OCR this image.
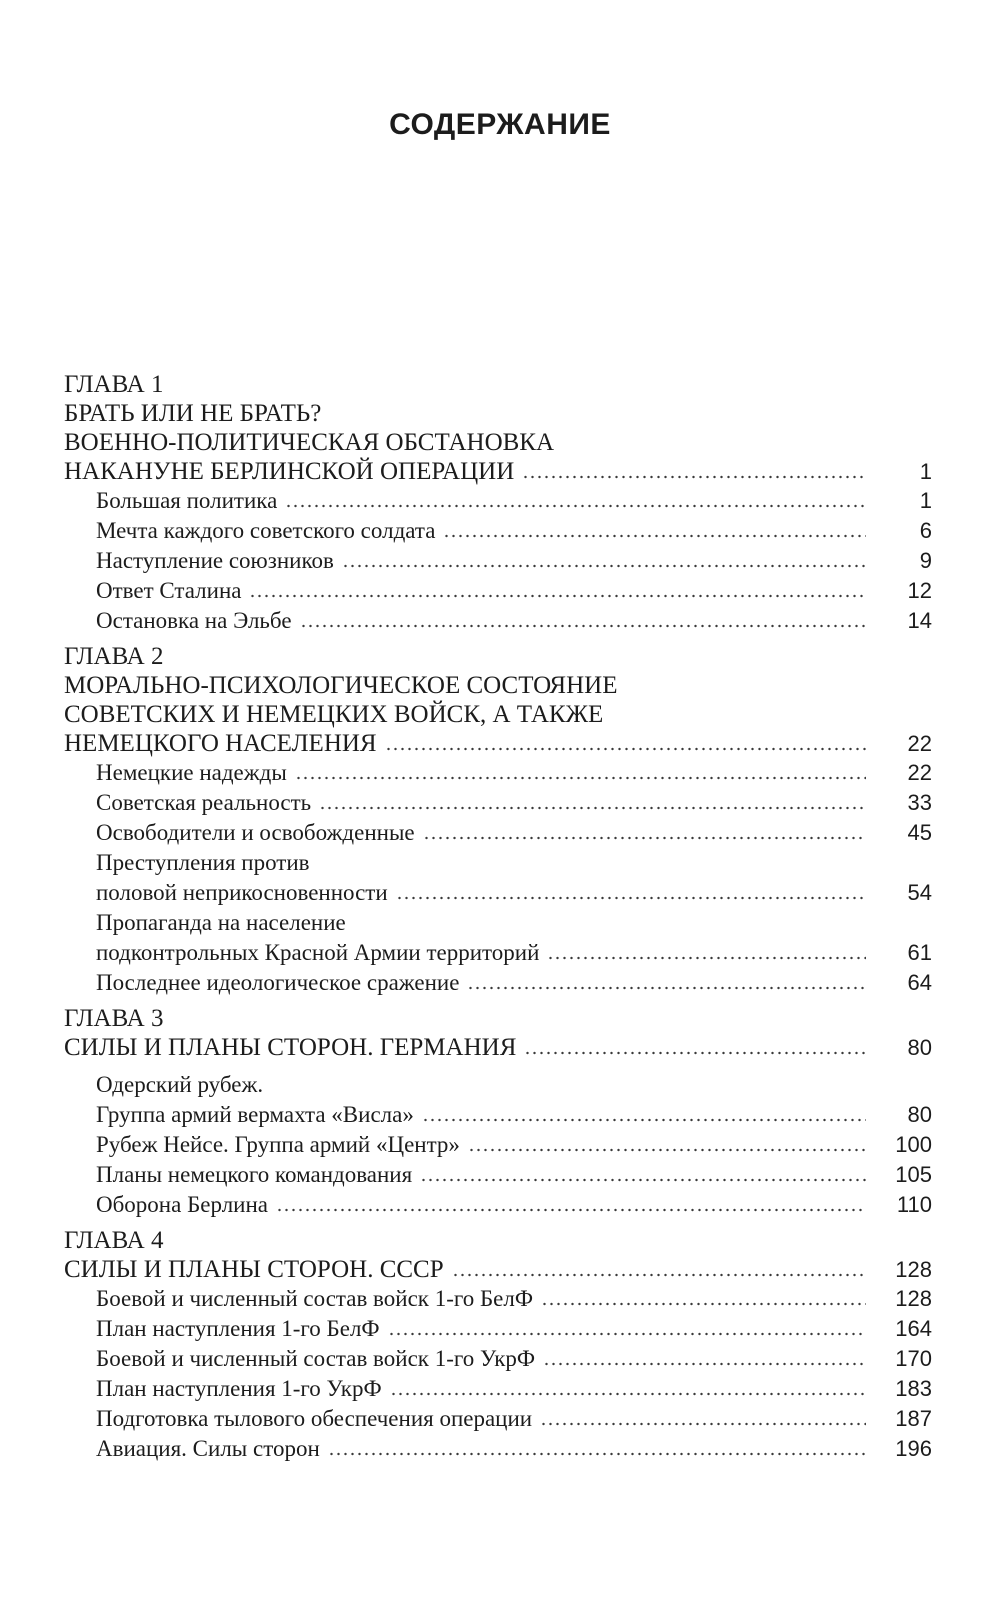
СОДЕРЖАНИЕ
ГЛАВА 1
БРАТЬ ИЛИ НЕ БРАТЬ?
ВОЕННО-ПОЛИТИЧЕСКАЯ ОБСТАНОВКА
НАКАНУНЕ БЕРЛИНСКОЙ ОПЕРАЦИИ	1
Большая политика	1
Мечта каждого советского солдата	6
Наступление союзников	9
Ответ Сталина	12
Остановка на Эльбе	14
ГЛАВА 2
МОРАЛЬНО-ПСИХОЛОГИЧЕСКОЕ СОСТОЯНИЕ
СОВЕТСКИХ И НЕМЕЦКИХ ВОЙСК, А ТАКЖЕ
НЕМЕЦКОГО НАСЕЛЕНИЯ	22
Немецкие надежды	22
Советская реальность	33
Освободители и освобожденные	45
Преступления против
половой неприкосновенности	54
Пропаганда на население
подконтрольных Красной Армии территорий	61
Последнее идеологическое сражение	64
ГЛАВА 3
СИЛЫ И ПЛАНЫ СТОРОН. ГЕРМАНИЯ	80
Одерский рубеж.
Группа армий вермахта «Висла»	80
Рубеж Нейсе. Группа армий «Центр»	100
Планы немецкого командования	105
Оборона Берлина	110
ГЛАВА 4
СИЛЫ И ПЛАНЫ СТОРОН. СССР	128
Боевой и численный состав войск 1-го БелФ	128
План наступления 1-го БелФ	164
Боевой и численный состав войск 1-го УкрФ	170
План наступления 1-го УкрФ	183
Подготовка тылового обеспечения операции	187
Авиация. Силы сторон	196
